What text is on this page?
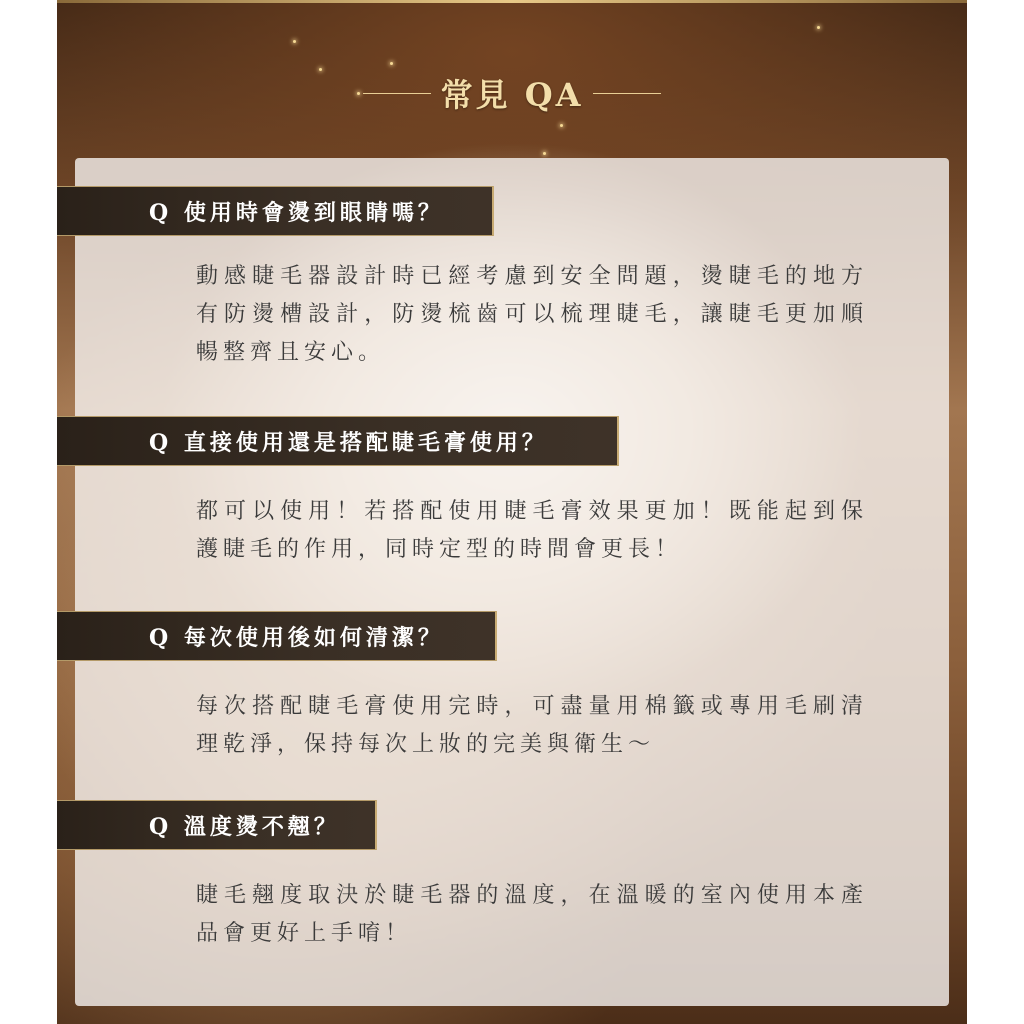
常見 QA
Q 使用時會燙到眼睛嗎？
動感睫毛器設計時已經考慮到安全問題，燙睫毛的地方有防燙槽設計，防燙梳齒可以梳理睫毛，讓睫毛更加順暢整齊且安心。
Q 直接使用還是搭配睫毛膏使用？
都可以使用！若搭配使用睫毛膏效果更加！既能起到保護睫毛的作用，同時定型的時間會更長！
Q 每次使用後如何清潔？
每次搭配睫毛膏使用完時，可盡量用棉籤或專用毛刷清理乾淨，保持每次上妝的完美與衛生～
Q 溫度燙不翹？
睫毛翹度取決於睫毛器的溫度，在溫暖的室內使用本產品會更好上手唷！
